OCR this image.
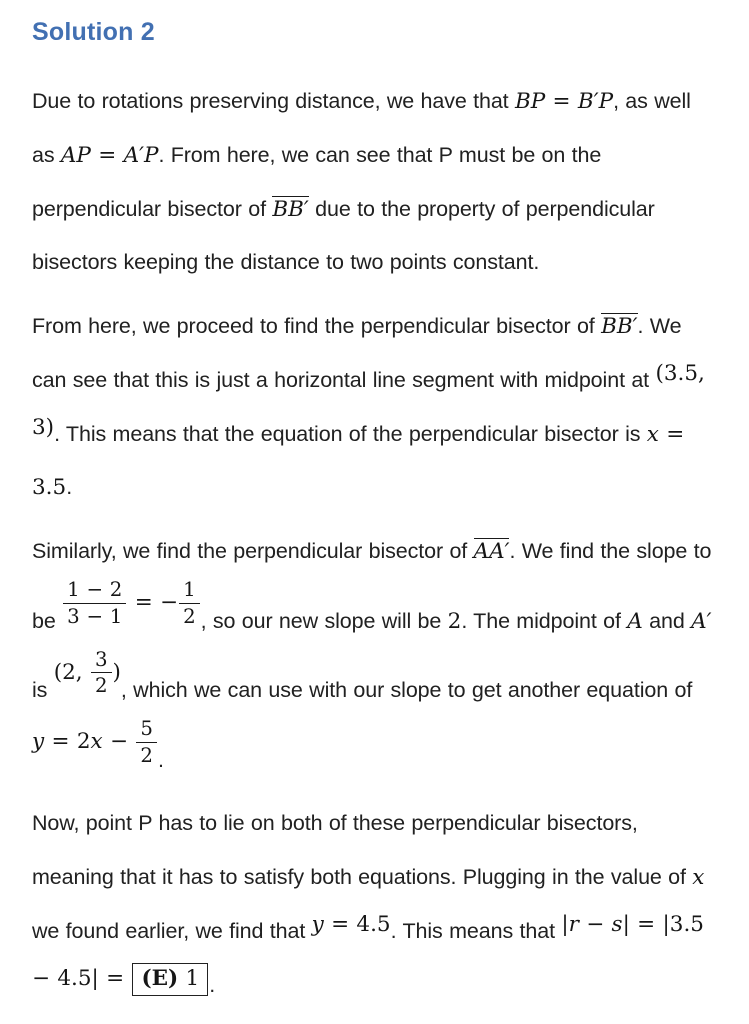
Solution 2

Due to rotations preserving distance, we have that BP = B′P, as well as AP = A′P. From here, we can see that P must be on the perpendicular bisector of BB′ due to the property of perpendicular bisectors keeping the distance to two points constant.

From here, we proceed to find the perpendicular bisector of BB′. We can see that this is just a horizontal line segment with midpoint at (3.5, 3). This means that the equation of the perpendicular bisector is x = 3.5.

Similarly, we find the perpendicular bisector of AA′. We find the slope to be $\frac{1 - 2}{3 - 1}$ = − $\frac{1}{2}$ , so our new slope will be 2. The midpoint of A and A′ is
(2, $\frac{3}{2}$ )
, which we can use with our slope to get another equation of
y = 2 $x - \frac{5}{2}$ .

Now, point P has to lie on both of these perpendicular bisectors, meaning that it has to satisfy both equations. Plugging in the value of x we found earlier, we find that y = 4.5. This means that |r − s| = |3.5 − 4.5| = (E) 1 .
